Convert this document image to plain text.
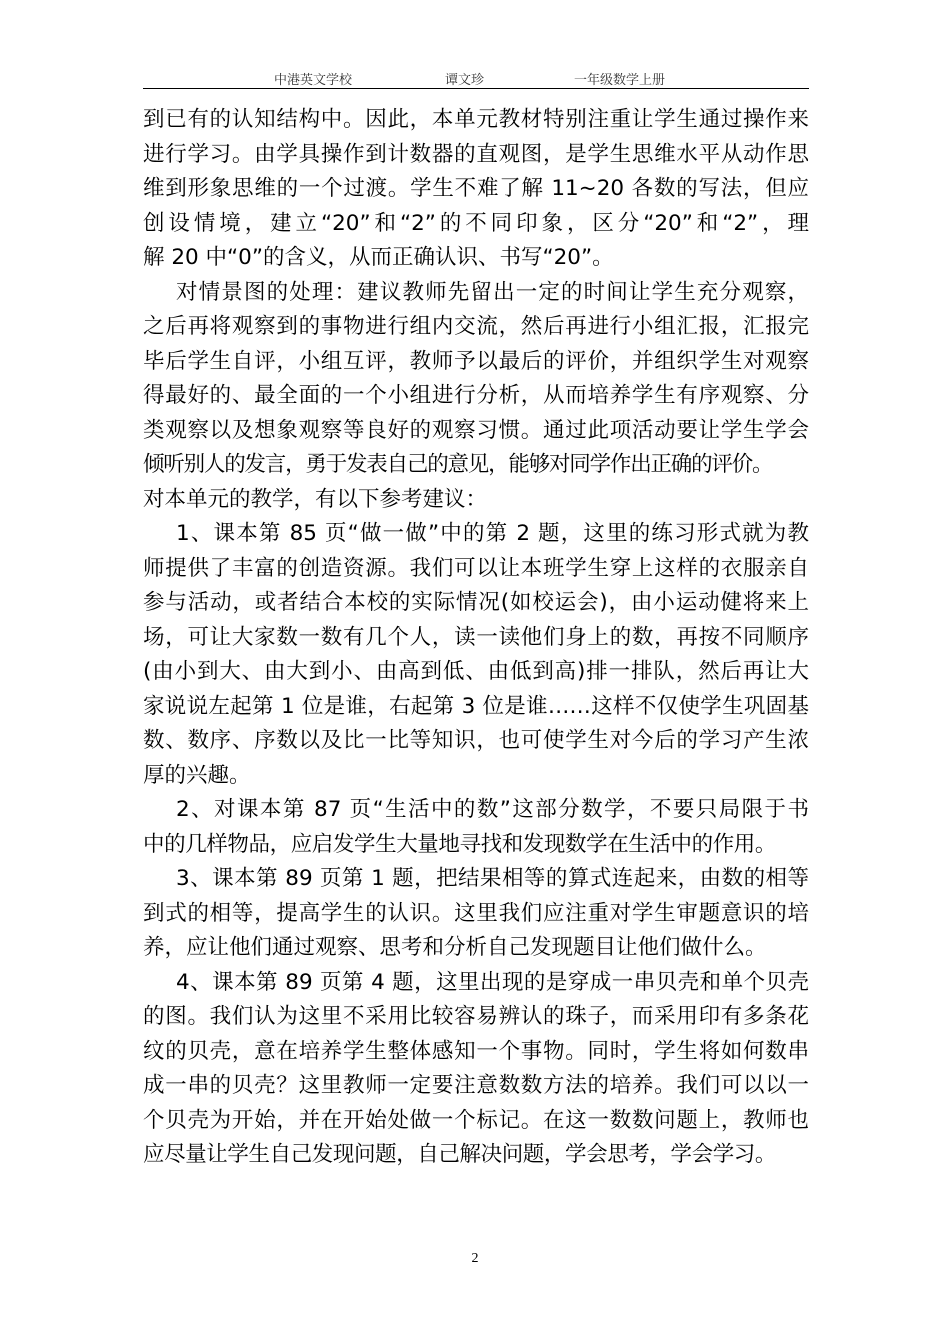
中港英文学校	谭文珍	一年级数学上册
到已有的认知结构中。因此，本单元教材特别注重让学生通过操作来
进行学习。由学具操作到计数器的直观图，是学生思维水平从动作思
维到形象思维的一个过渡。学生不难了解 11~20 各数的写法，但应
创设情境，建立“20”和“2”的不同印象，区分“20”和“2”，理
解 20 中“0”的含义，从而正确认识、书写“20”。
对情景图的处理：建议教师先留出一定的时间让学生充分观察，
之后再将观察到的事物进行组内交流，然后再进行小组汇报，汇报完
毕后学生自评，小组互评，教师予以最后的评价，并组织学生对观察
得最好的、最全面的一个小组进行分析，从而培养学生有序观察、分
类观察以及想象观察等良好的观察习惯。通过此项活动要让学生学会
倾听别人的发言，勇于发表自己的意见，能够对同学作出正确的评价。
对本单元的教学，有以下参考建议：
1、课本第 85 页“做一做”中的第 2 题，这里的练习形式就为教
师提供了丰富的创造资源。我们可以让本班学生穿上这样的衣服亲自
参与活动，或者结合本校的实际情况(如校运会)，由小运动健将来上
场，可让大家数一数有几个人，读一读他们身上的数，再按不同顺序
(由小到大、由大到小、由高到低、由低到高)排一排队，然后再让大
家说说左起第 1 位是谁，右起第 3 位是谁……这样不仅使学生巩固基
数、数序、序数以及比一比等知识，也可使学生对今后的学习产生浓
厚的兴趣。
2、对课本第 87 页“生活中的数”这部分数学，不要只局限于书
中的几样物品，应启发学生大量地寻找和发现数学在生活中的作用。
3、课本第 89 页第 1 题，把结果相等的算式连起来，由数的相等
到式的相等，提高学生的认识。这里我们应注重对学生审题意识的培
养，应让他们通过观察、思考和分析自己发现题目让他们做什么。
4、课本第 89 页第 4 题，这里出现的是穿成一串贝壳和单个贝壳
的图。我们认为这里不采用比较容易辨认的珠子，而采用印有多条花
纹的贝壳，意在培养学生整体感知一个事物。同时，学生将如何数串
成一串的贝壳？这里教师一定要注意数数方法的培养。我们可以以一
个贝壳为开始，并在开始处做一个标记。在这一数数问题上，教师也
应尽量让学生自己发现问题，自己解决问题，学会思考，学会学习。
2
